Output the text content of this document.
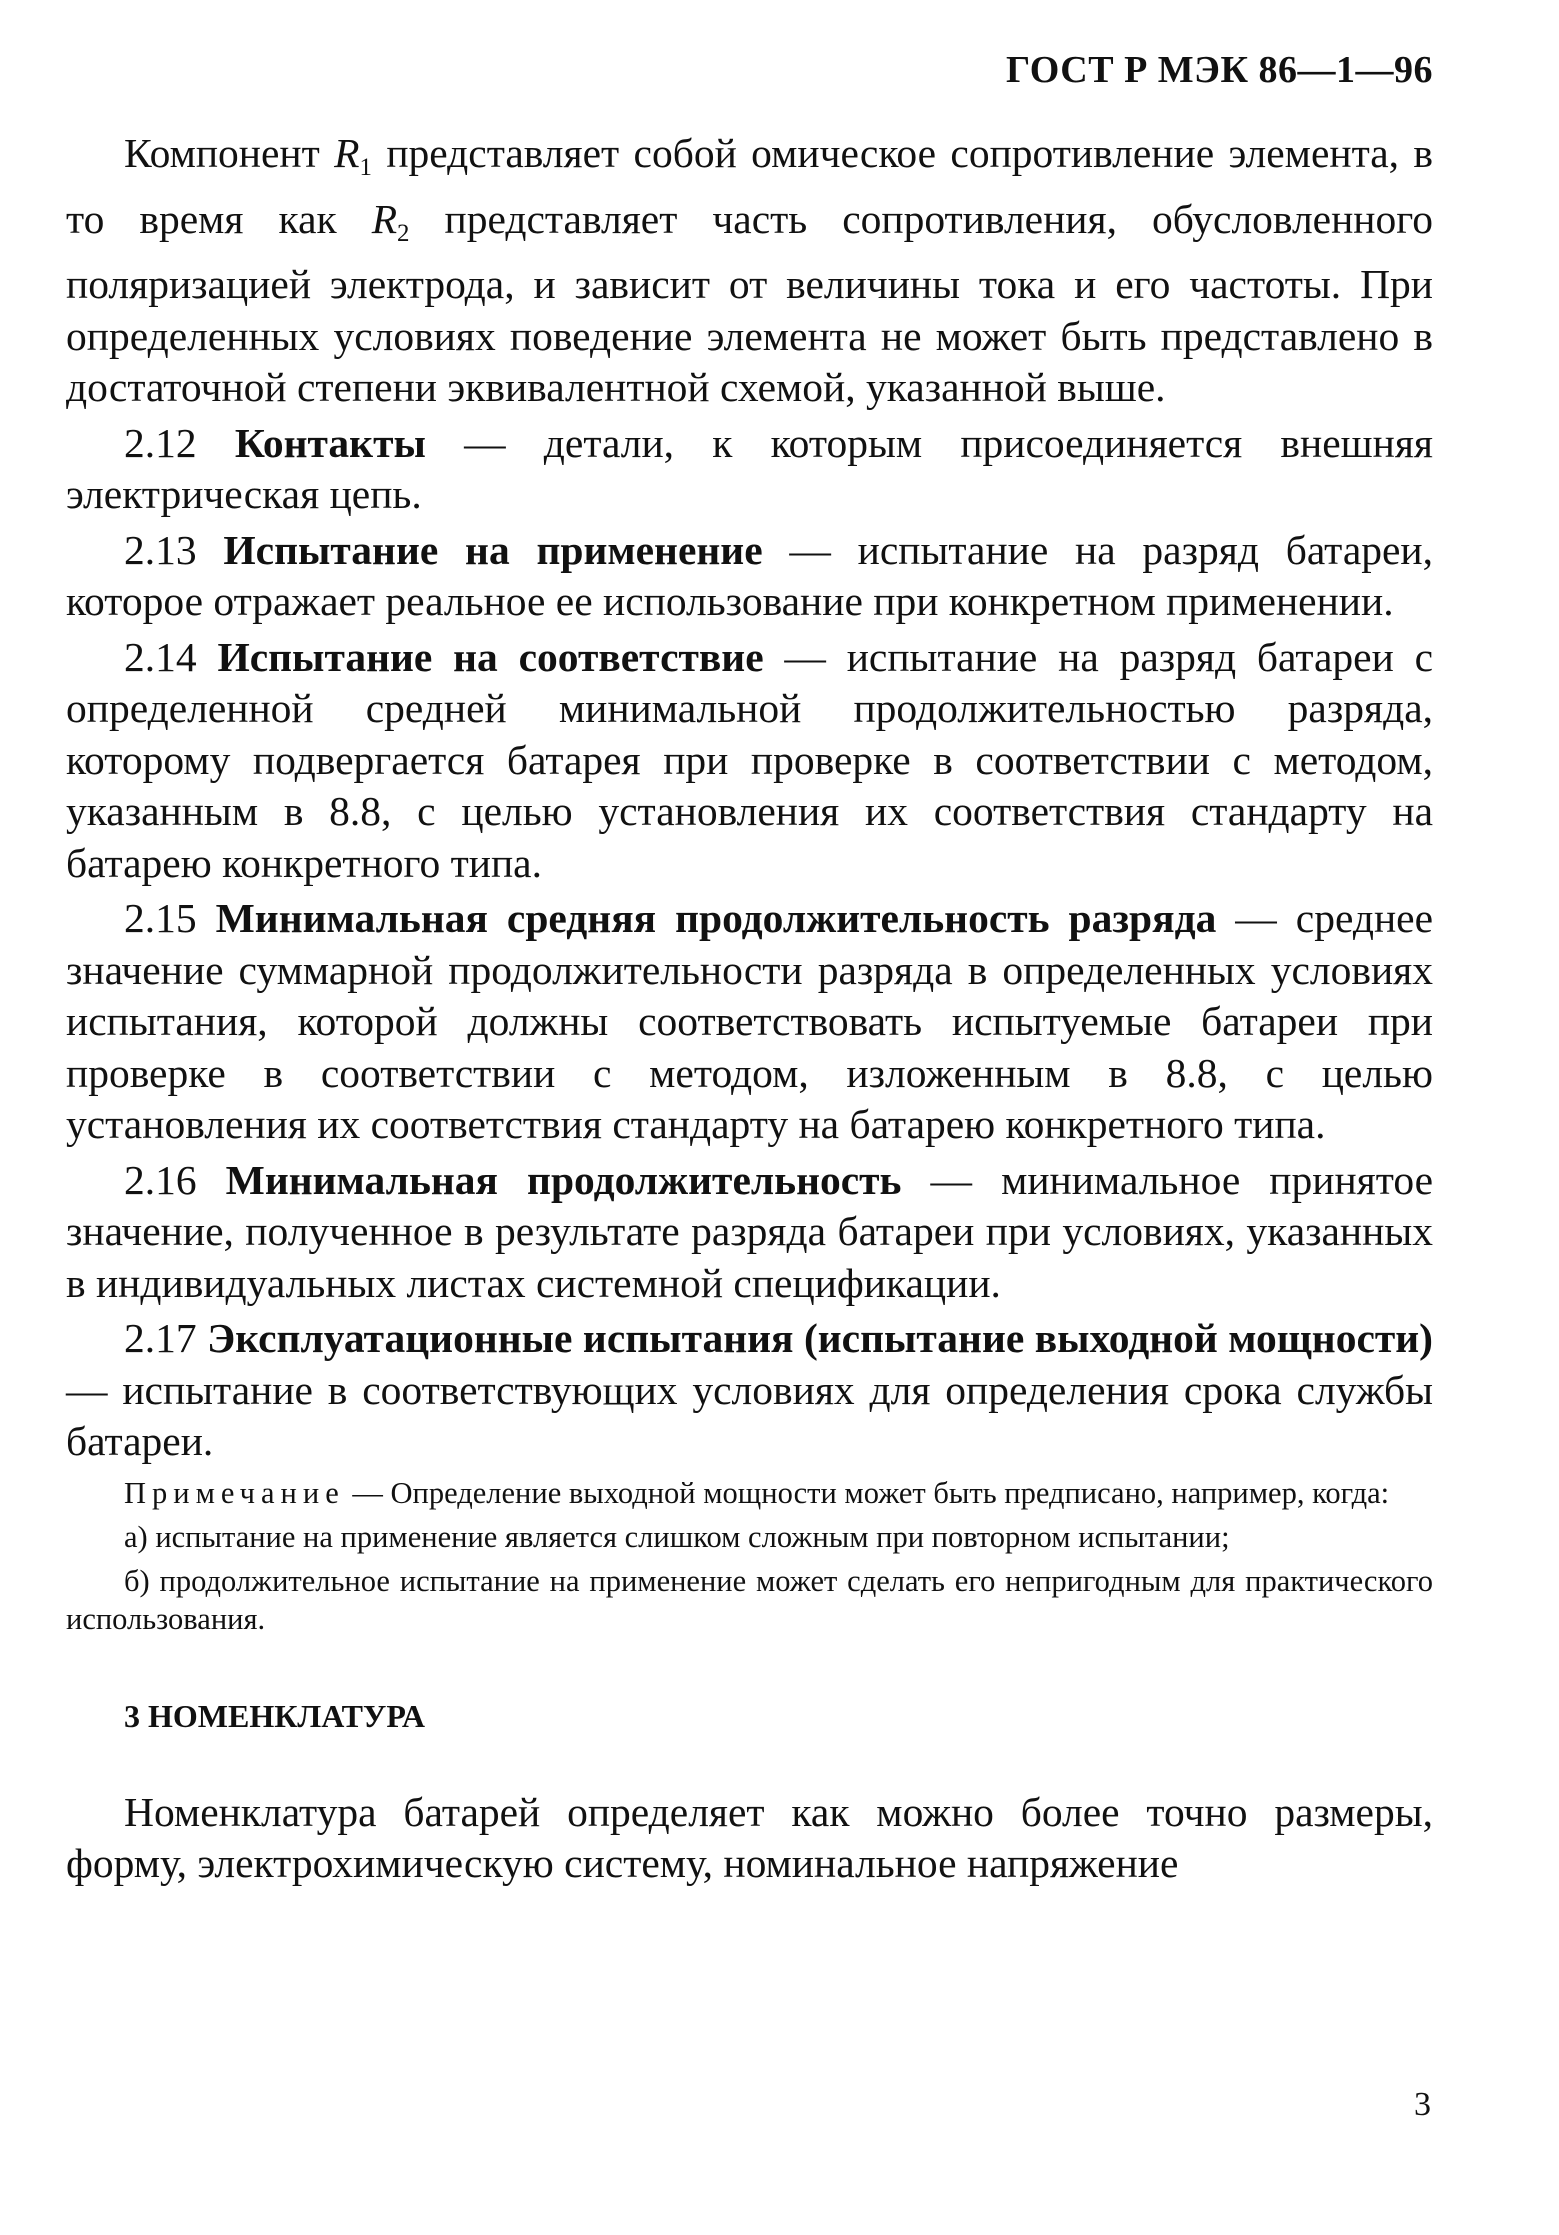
ГОСТ Р МЭК 86—1—96

Компонент $R_1$ представляет собой омическое сопротивление элемента, в то время как $R_2$ представляет часть сопротивления, обусловленного поляризацией электрода, и зависит от величины тока и его частоты. При определенных условиях поведение элемента не может быть представлено в достаточной степени эквивалентной схемой, указанной выше.

2.12 Контакты — детали, к которым присоединяется внешняя электрическая цепь.

2.13 Испытание на применение — испытание на разряд батареи, которое отражает реальное ее использование при конкретном применении.

2.14 Испытание на соответствие — испытание на разряд батареи с определенной средней минимальной продолжительностью разряда, которому подвергается батарея при проверке в соответствии с методом, указанным в 8.8, с целью установления их соответствия стандарту на батарею конкретного типа.

2.15 Минимальная средняя продолжительность разряда — среднее значение суммарной продолжительности разряда в определенных условиях испытания, которой должны соответствовать испытуемые батареи при проверке в соответствии с методом, изложенным в 8.8, с целью установления их соответствия стандарту на батарею конкретного типа.

2.16 Минимальная продолжительность — минимальное принятое значение, полученное в результате разряда батареи при условиях, указанных в индивидуальных листах системной спецификации.

2.17 Эксплуатационные испытания (испытание выходной мощности) — испытание в соответствующих условиях для определения срока службы батареи.

Примечание — Определение выходной мощности может быть предписано, например, когда:

а) испытание на применение является слишком сложным при повторном испытании;

б) продолжительное испытание на применение может сделать его непригодным для практического использования.

3 НОМЕНКЛАТУРА

Номенклатура батарей определяет как можно более точно размеры, форму, электрохимическую систему, номинальное напряжение

3
